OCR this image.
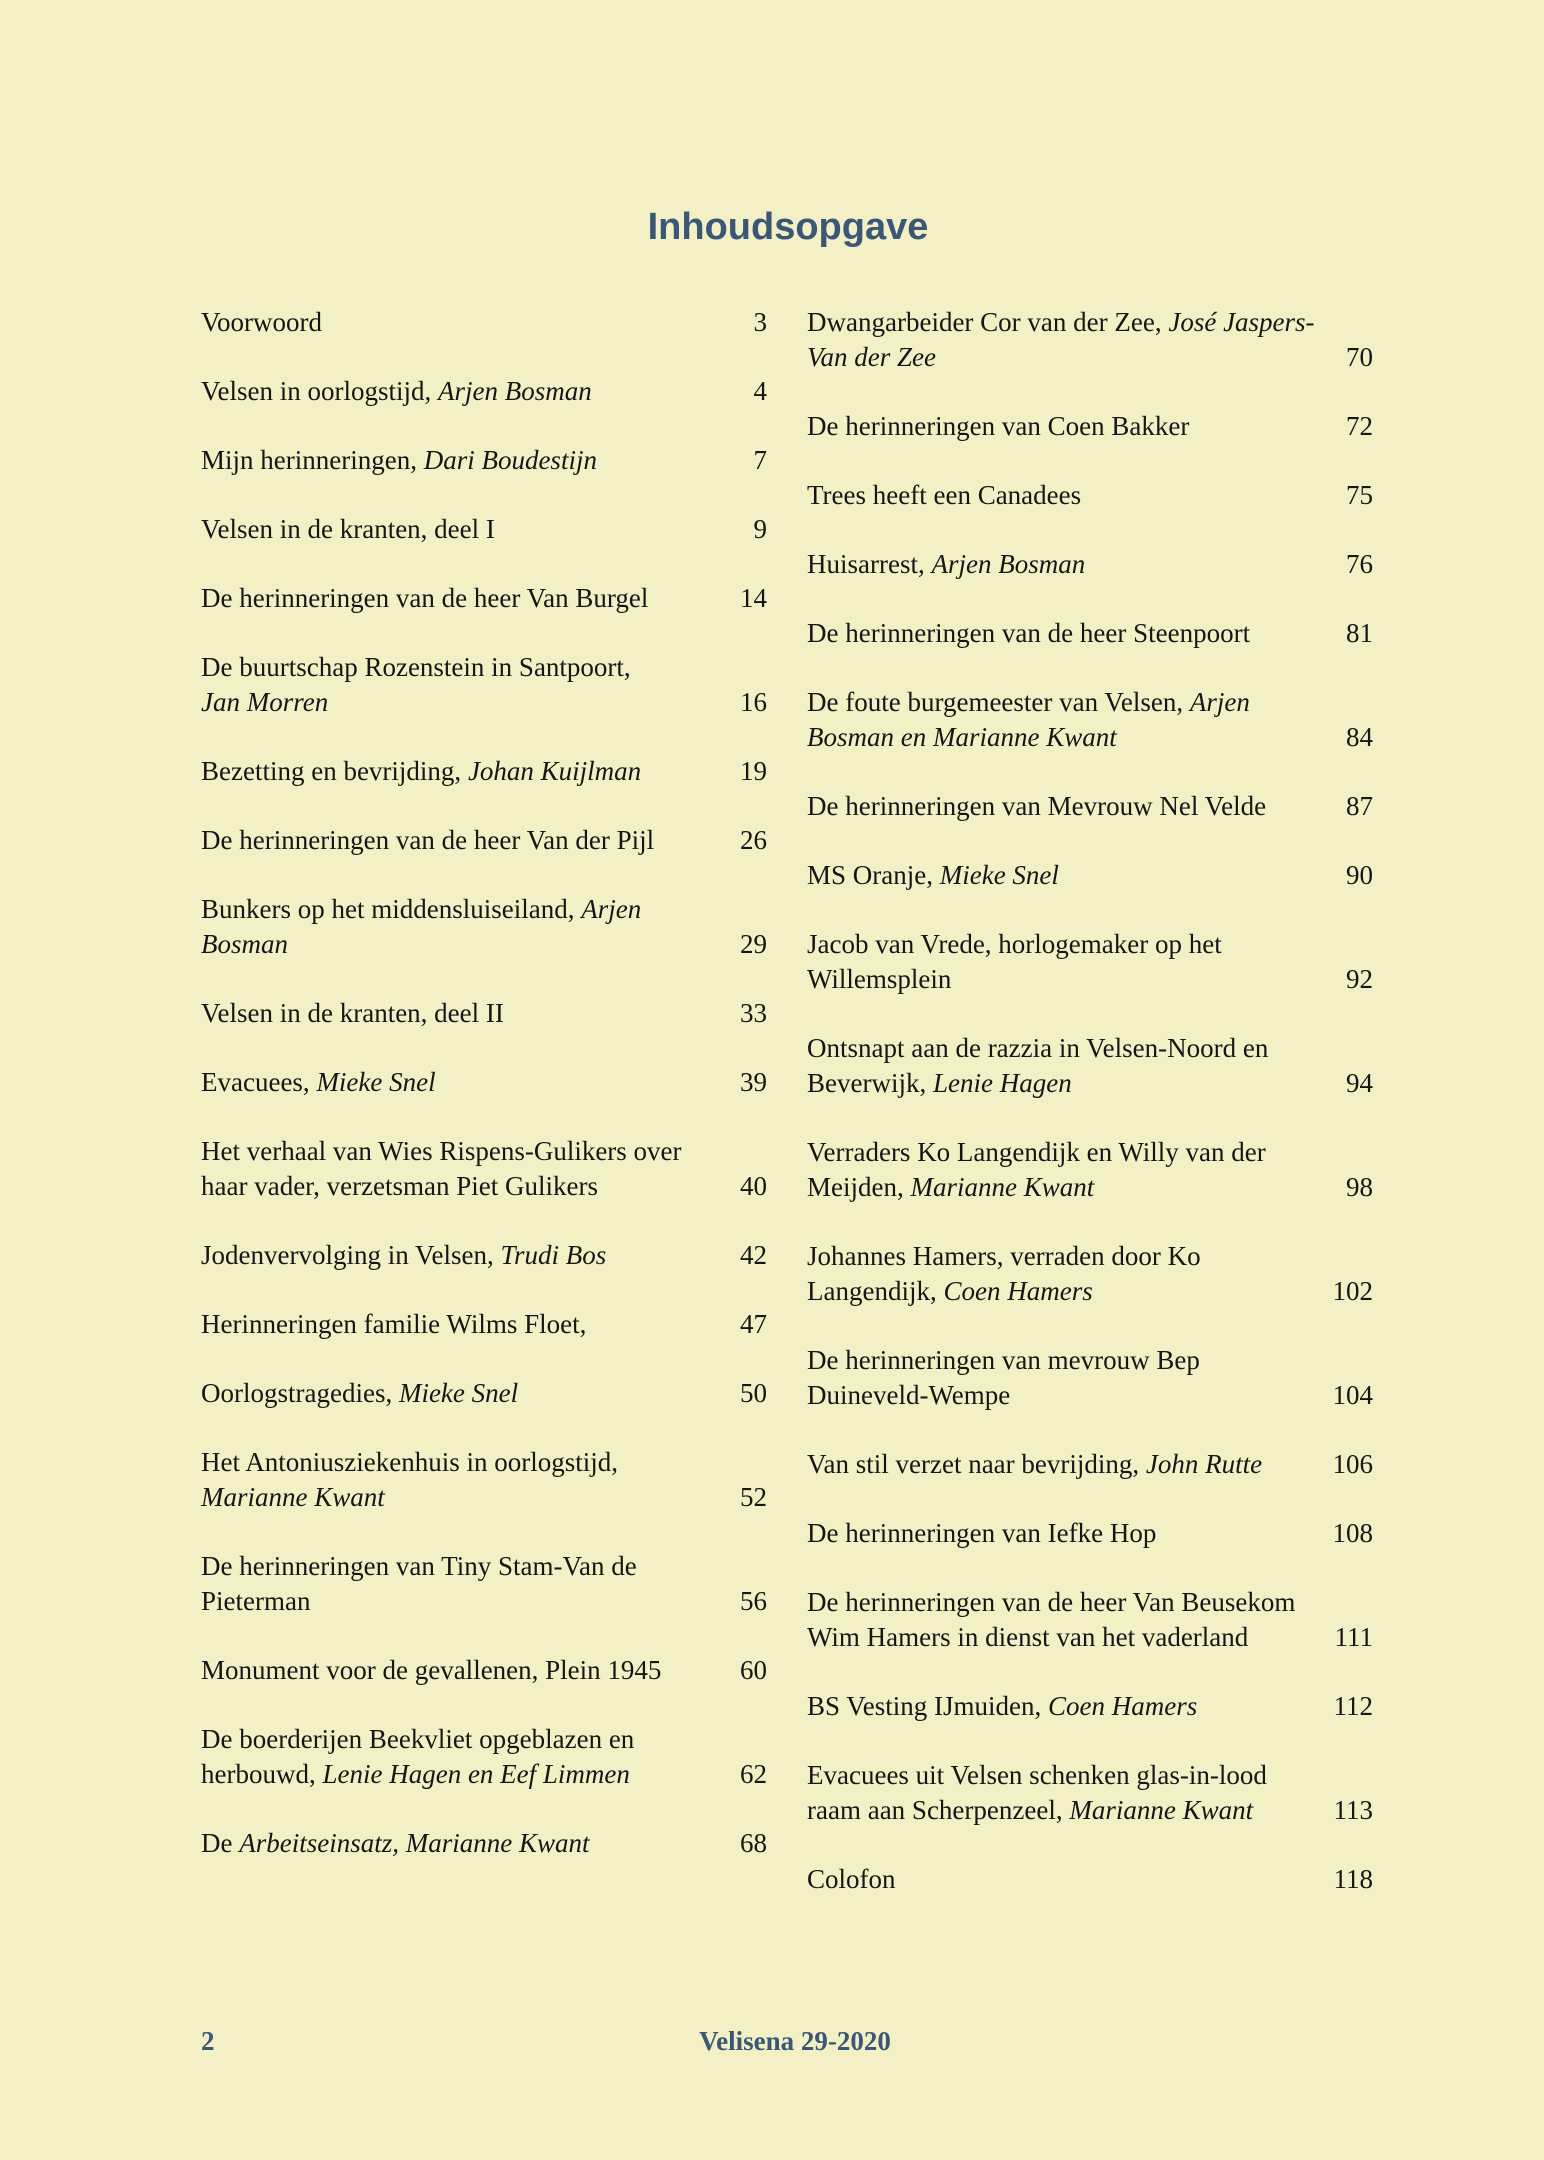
Inhoudsopgave
Voorwoord	3
Velsen in oorlogstijd, Arjen Bosman	4
Mijn herinneringen, Dari Boudestijn	7
Velsen in de kranten, deel I	9
De herinneringen van de heer Van Burgel	14
De buurtschap Rozenstein in Santpoort,
Jan Morren	16
Bezetting en bevrijding, Johan Kuijlman	19
De herinneringen van de heer Van der Pijl	26
Bunkers op het middensluiseiland, Arjen
Bosman	29
Velsen in de kranten, deel II	33
Evacuees, Mieke Snel	39
Het verhaal van Wies Rispens-Gulikers over
haar vader, verzetsman Piet Gulikers	40
Jodenvervolging in Velsen, Trudi Bos	42
Herinneringen familie Wilms Floet,	47
Oorlogstragedies, Mieke Snel	50
Het Antoniusziekenhuis in oorlogstijd,
Marianne Kwant	52
De herinneringen van Tiny Stam-Van de
Pieterman	56
Monument voor de gevallenen, Plein 1945	60
De boerderijen Beekvliet opgeblazen en
herbouwd, Lenie Hagen en Eef Limmen	62
De Arbeitseinsatz, Marianne Kwant	68
Dwangarbeider Cor van der Zee, José Jaspers-
Van der Zee	70
De herinneringen van Coen Bakker	72
Trees heeft een Canadees	75
Huisarrest, Arjen Bosman	76
De herinneringen van de heer Steenpoort	81
De foute burgemeester van Velsen, Arjen
Bosman en Marianne Kwant	84
De herinneringen van Mevrouw Nel Velde	87
MS Oranje, Mieke Snel	90
Jacob van Vrede, horlogemaker op het
Willemsplein	92
Ontsnapt aan de razzia in Velsen-Noord en
Beverwijk, Lenie Hagen	94
Verraders Ko Langendijk en Willy van der
Meijden, Marianne Kwant	98
Johannes Hamers, verraden door Ko
Langendijk, Coen Hamers	102
De herinneringen van mevrouw Bep
Duineveld-Wempe	104
Van stil verzet naar bevrijding, John Rutte	106
De herinneringen van Iefke Hop	108
De herinneringen van de heer Van Beusekom
Wim Hamers in dienst van het vaderland	111
BS Vesting IJmuiden, Coen Hamers	112
Evacuees uit Velsen schenken glas-in-lood
raam aan Scherpenzeel, Marianne Kwant	113
Colofon	118
2	Velisena 29-2020
